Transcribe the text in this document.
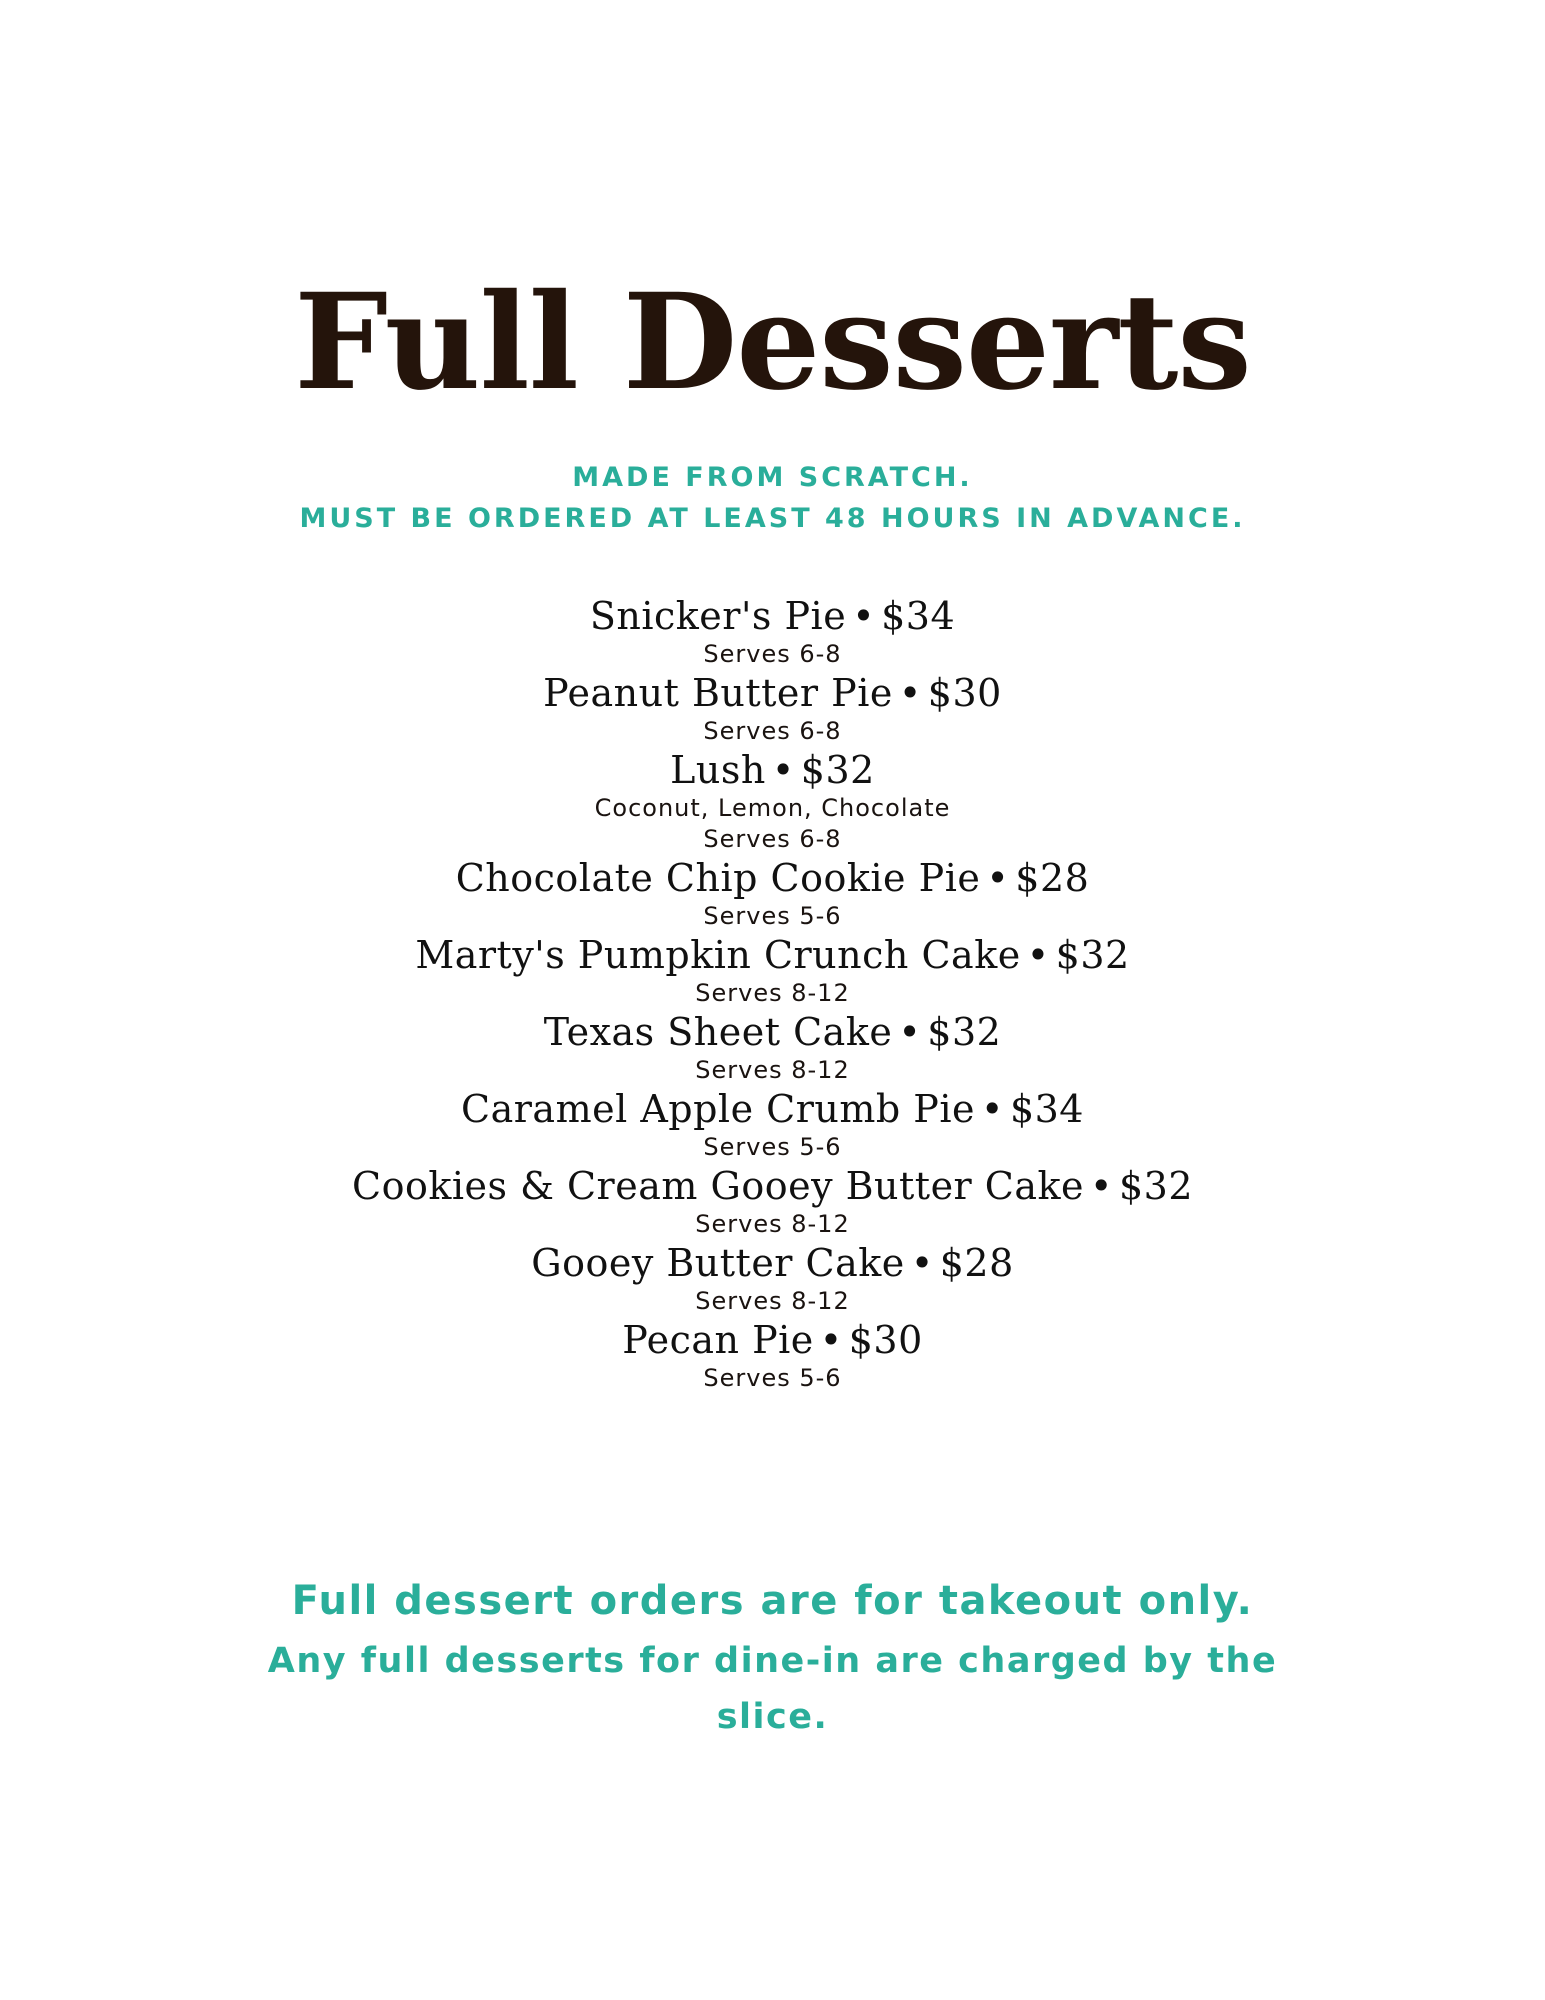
Full Desserts

MADE FROM SCRATCH.

MUST BE ORDERED AT LEAST 48 HOURS IN ADVANCE.

Snicker's Pie • $34
Serves 6-8
Peanut Butter Pie • $30
Serves 6-8
Lush • $32
Coconut, Lemon, Chocolate
Serves 6-8
Chocolate Chip Cookie Pie • $28
Serves 5-6
Marty's Pumpkin Crunch Cake • $32
Serves 8-12
Texas Sheet Cake • $32
Serves 8-12
Caramel Apple Crumb Pie • $34
Serves 5-6
Cookies & Cream Gooey Butter Cake • $32
Serves 8-12
Gooey Butter Cake • $28
Serves 8-12
Pecan Pie • $30
Serves 5-6

Full dessert orders are for takeout only.

Any full desserts for dine-in are charged by the slice.
